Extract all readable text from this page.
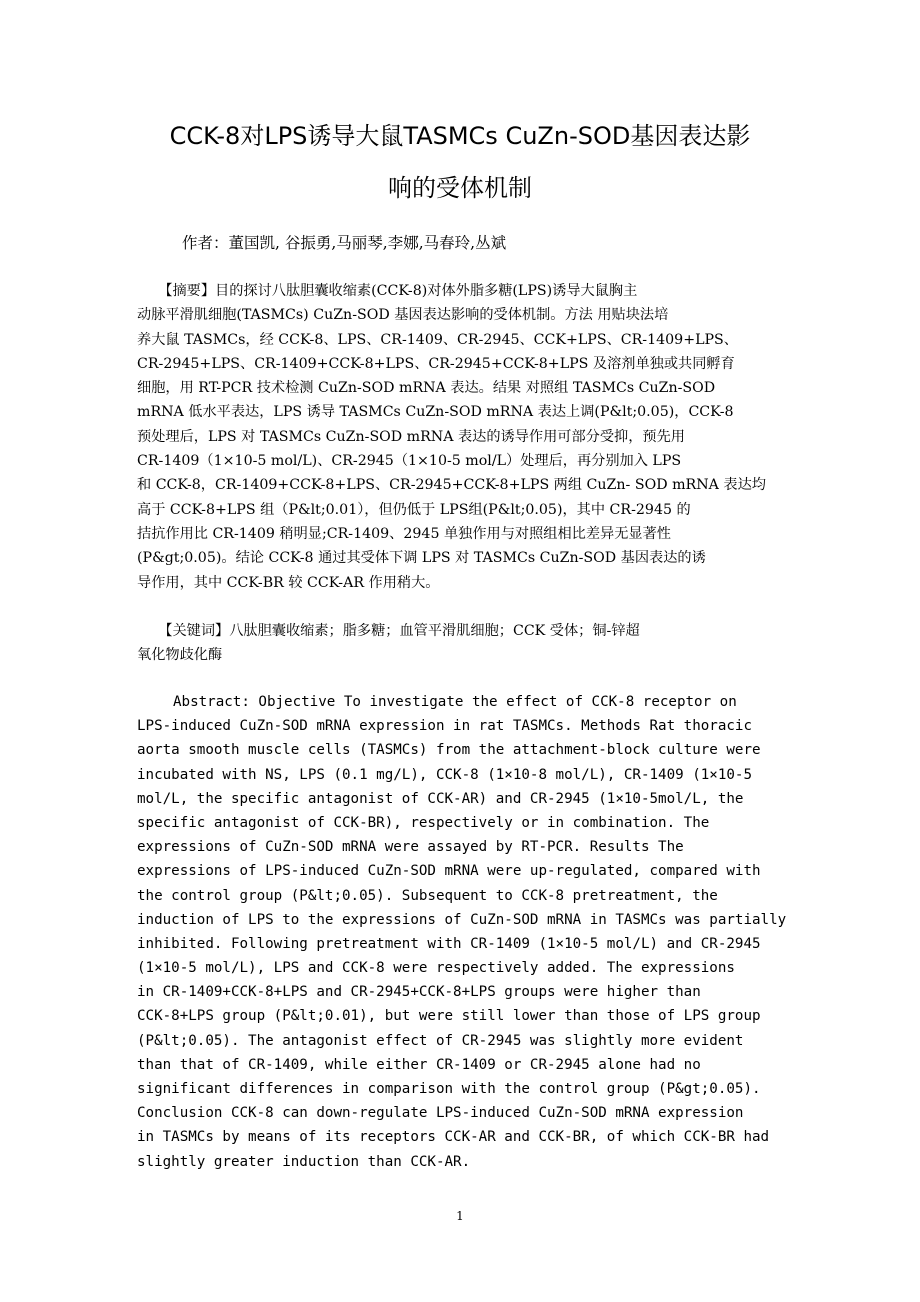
CCK-8对LPS诱导大鼠TASMCs CuZn-SOD基因表达影
响的受体机制
作者：董国凯, 谷振勇,马丽琴,李娜,马春玲,丛斌
　　【摘要】目的探讨八肽胆囊收缩素(CCK-8)对体外脂多糖(LPS)诱导大鼠胸主
动脉平滑肌细胞(TASMCs) CuZn-SOD 基因表达影响的受体机制。方法 用贴块法培
养大鼠 TASMCs，经 CCK-8、LPS、CR-1409、CR-2945、CCK+LPS、CR-1409+LPS、
CR-2945+LPS、CR-1409+CCK-8+LPS、CR-2945+CCK-8+LPS 及溶剂单独或共同孵育
细胞，用 RT-PCR 技术检测 CuZn-SOD mRNA 表达。结果 对照组 TASMCs CuZn-SOD
mRNA 低水平表达，LPS 诱导 TASMCs CuZn-SOD mRNA 表达上调(P&lt;0.05)，CCK-8
预处理后，LPS 对 TASMCs CuZn-SOD mRNA 表达的诱导作用可部分受抑，预先用
CR-1409（1×10-5 mol/L)、CR-2945（1×10-5 mol/L）处理后，再分别加入 LPS
和 CCK-8，CR-1409+CCK-8+LPS、CR-2945+CCK-8+LPS 两组 CuZn- SOD mRNA 表达均
高于 CCK-8+LPS 组（P&lt;0.01），但仍低于 LPS组(P&lt;0.05)，其中 CR-2945 的
拮抗作用比 CR-1409 稍明显;CR-1409、2945 单独作用与对照组相比差异无显著性
(P&gt;0.05)。结论 CCK-8 通过其受体下调 LPS 对 TASMCs CuZn-SOD 基因表达的诱
导作用，其中 CCK-BR 较 CCK-AR 作用稍大。
　　【关键词】八肽胆囊收缩素；脂多糖；血管平滑肌细胞；CCK 受体；铜-锌超
氧化物歧化酶
Abstract: Objective To investigate the effect of CCK-8 receptor on
LPS-induced CuZn-SOD mRNA expression in rat TASMCs. Methods Rat thoracic
aorta smooth muscle cells (TASMCs) from the attachment-block culture were
incubated with NS, LPS (0.1 mg/L), CCK-8 (1×10-8 mol/L), CR-1409 (1×10-5
mol/L, the specific antagonist of CCK-AR) and CR-2945 (1×10-5mol/L, the
specific antagonist of CCK-BR), respectively or in combination. The
expressions of CuZn-SOD mRNA were assayed by RT-PCR. Results The
expressions of LPS-induced CuZn-SOD mRNA were up-regulated, compared with
the control group (P&lt;0.05). Subsequent to CCK-8 pretreatment, the
induction of LPS to the expressions of CuZn-SOD mRNA in TASMCs was partially
inhibited. Following pretreatment with CR-1409 (1×10-5 mol/L) and CR-2945
(1×10-5 mol/L), LPS and CCK-8 were respectively added. The expressions
in CR-1409+CCK-8+LPS and CR-2945+CCK-8+LPS groups were higher than
CCK-8+LPS group (P&lt;0.01), but were still lower than those of LPS group
(P&lt;0.05). The antagonist effect of CR-2945 was slightly more evident
than that of CR-1409, while either CR-1409 or CR-2945 alone had no
significant differences in comparison with the control group (P&gt;0.05).
Conclusion CCK-8 can down-regulate LPS-induced CuZn-SOD mRNA expression
in TASMCs by means of its receptors CCK-AR and CCK-BR, of which CCK-BR had
slightly greater induction than CCK-AR.
1
